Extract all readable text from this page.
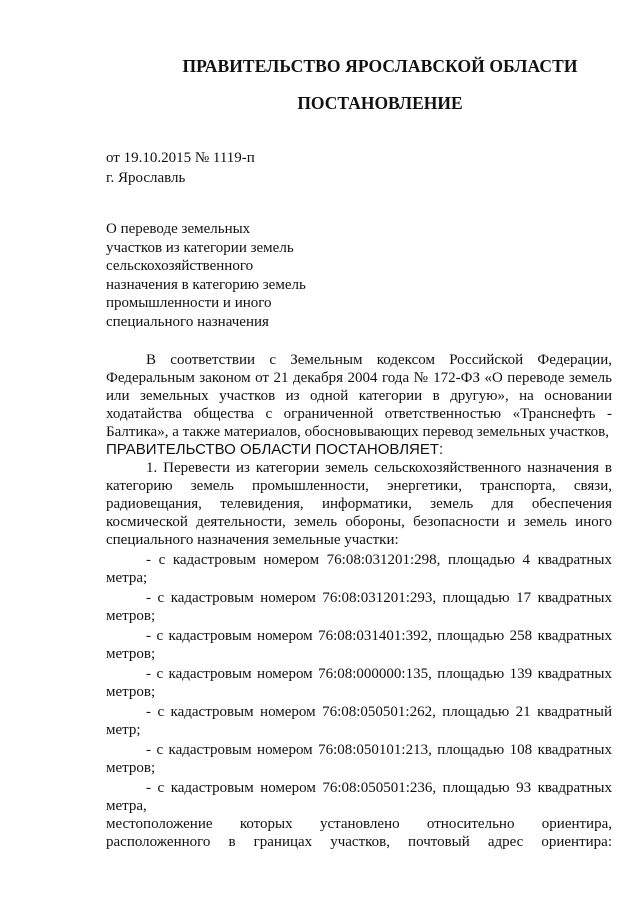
ПРАВИТЕЛЬСТВО ЯРОСЛАВСКОЙ ОБЛАСТИ
ПОСТАНОВЛЕНИЕ
от 19.10.2015 № 1119-п
г. Ярославль
О переводе земельных
участков из категории земель
сельскохозяйственного
назначения в категорию земель
промышленности и иного
специального назначения

В соответствии с Земельным кодексом Российской Федерации, Федеральным законом от 21 декабря 2004 года № 172-ФЗ «О переводе земель или земельных участков из одной категории в другую», на основании ходатайства общества с ограниченной ответственностью «Транснефть - Балтика», а также материалов, обосновывающих перевод земельных участков,

ПРАВИТЕЛЬСТВО ОБЛАСТИ ПОСТАНОВЛЯЕТ:

1. Перевести из категории земель сельскохозяйственного назначения в категорию земель промышленности, энергетики, транспорта, связи, радиовещания, телевидения, информатики, земель для обеспечения космической деятельности, земель обороны, безопасности и земель иного специального назначения земельные участки:

- с кадастровым номером 76:08:031201:298, площадью 4 квадратных метра;

- с кадастровым номером 76:08:031201:293, площадью 17 квадратных метров;

- с кадастровым номером 76:08:031401:392, площадью 258 квадратных метров;

- с кадастровым номером 76:08:000000:135, площадью 139 квадратных метров;

- с кадастровым номером 76:08:050501:262, площадью 21 квадратный метр;

- с кадастровым номером 76:08:050101:213, площадью 108 квадратных метров;

- с кадастровым номером 76:08:050501:236, площадью 93 квадратных метра,

местоположение которых установлено относительно ориентира,

расположенного в границах участков, почтовый адрес ориентира:
